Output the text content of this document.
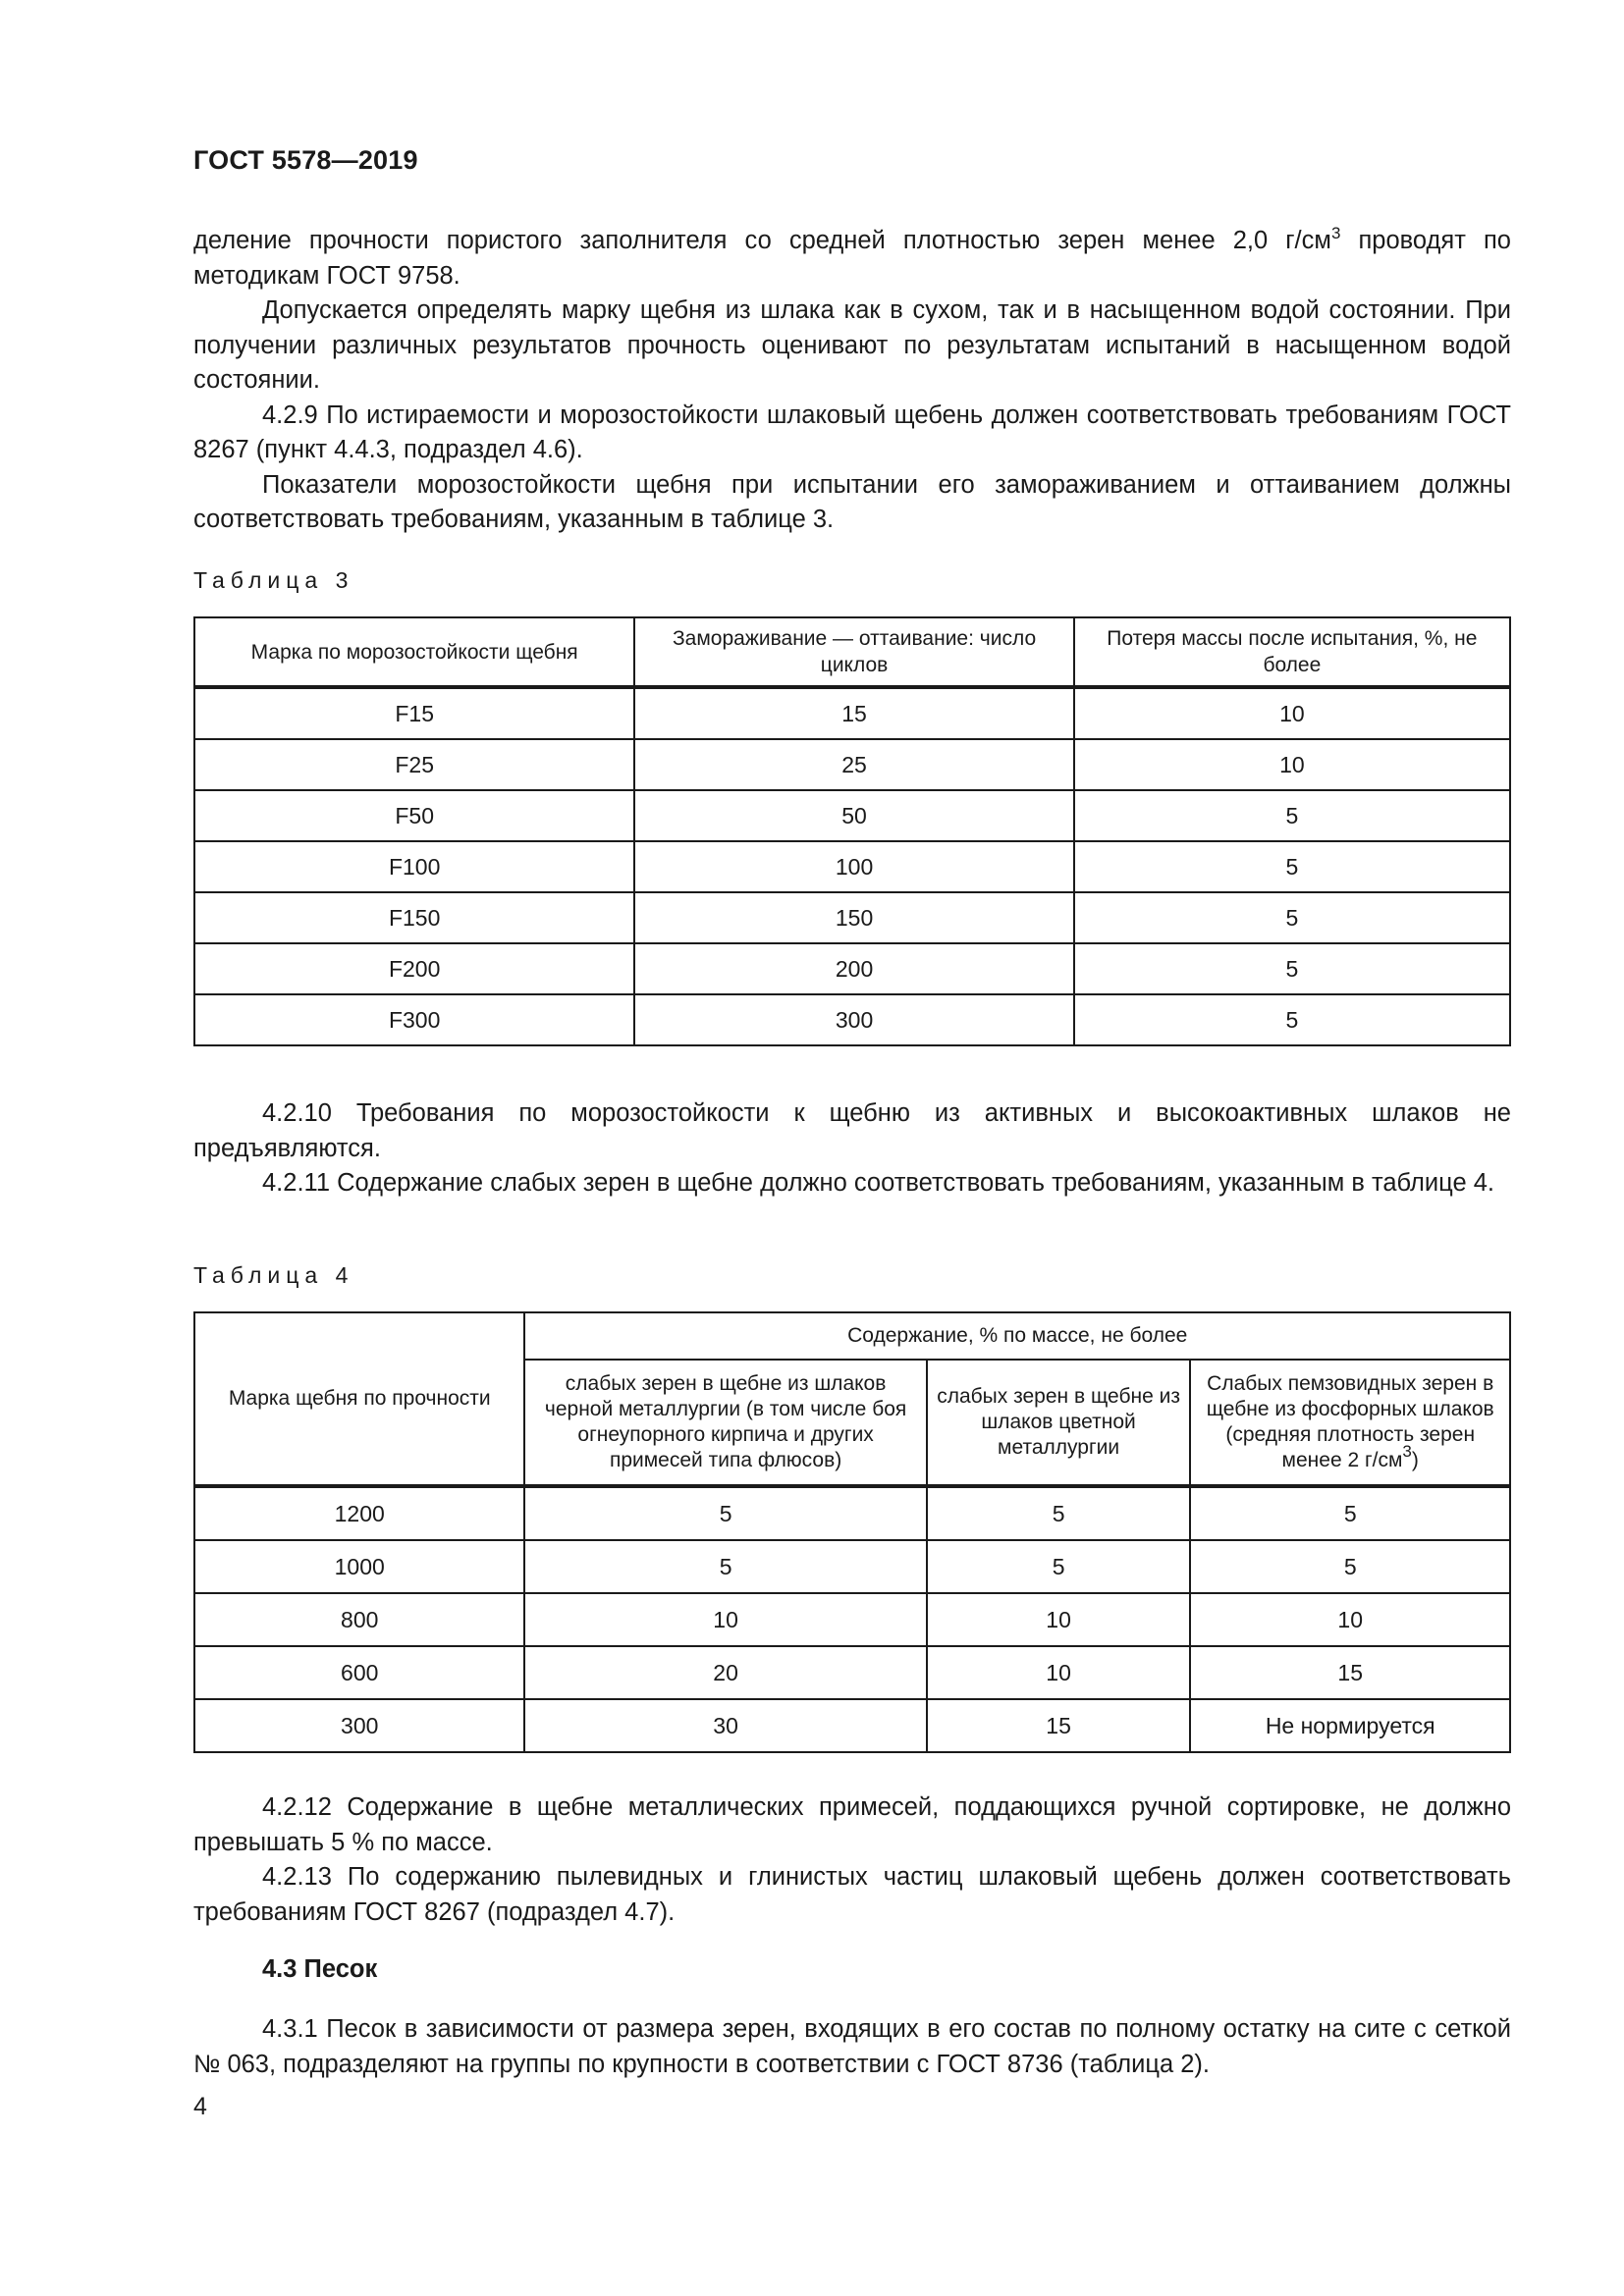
ГОСТ 5578—2019

деление прочности пористого заполнителя со средней плотностью зерен менее 2,0 $г/см^3$ проводят по методикам ГОСТ 9758.

Допускается определять марку щебня из шлака как в сухом, так и в насыщенном водой состоянии. При получении различных результатов прочность оценивают по результатам испытаний в насыщенном водой состоянии.

4.2.9 По истираемости и морозостойкости шлаковый щебень должен соответствовать требованиям ГОСТ 8267 (пункт 4.4.3, подраздел 4.6).

Показатели морозостойкости щебня при испытании его замораживанием и оттаиванием должны соответствовать требованиям, указанным в таблице 3.

Таблица 3
Марка по морозостойкости щебня	Замораживание — оттаивание: число циклов	Потеря массы после испытания, %, не более
F15	15	10
F25	25	10
F50	50	5
F100	100	5
F150	150	5
F200	200	5
F300	300	5

4.2.10 Требования по морозостойкости к щебню из активных и высокоактивных шлаков не предъявляются.

4.2.11 Содержание слабых зерен в щебне должно соответствовать требованиям, указанным в таблице 4.

Таблица 4
Марка щебня по прочности	Содержание, % по массе, не более		
	слабых зерен в щебне из шлаков черной металлургии (в том числе боя огнеупорного кирпича и других примесей типа флюсов)	слабых зерен в щебне из шлаков цветной металлургии	Слабых пемзовидных зерен в щебне из фосфорных шлаков (средняя плотность зерен менее 2 $г/см^3$)
1200	5	5	5
1000	5	5	5
800	10	10	10
600	20	10	15
300	30	15	Не нормируется

4.2.12 Содержание в щебне металлических примесей, поддающихся ручной сортировке, не должно превышать 5 % по массе.

4.2.13 По содержанию пылевидных и глинистых частиц шлаковый щебень должен соответствовать требованиям ГОСТ 8267 (подраздел 4.7).

4.3 Песок

4.3.1 Песок в зависимости от размера зерен, входящих в его состав по полному остатку на сите с сеткой № 063, подразделяют на группы по крупности в соответствии с ГОСТ 8736 (таблица 2).

4
